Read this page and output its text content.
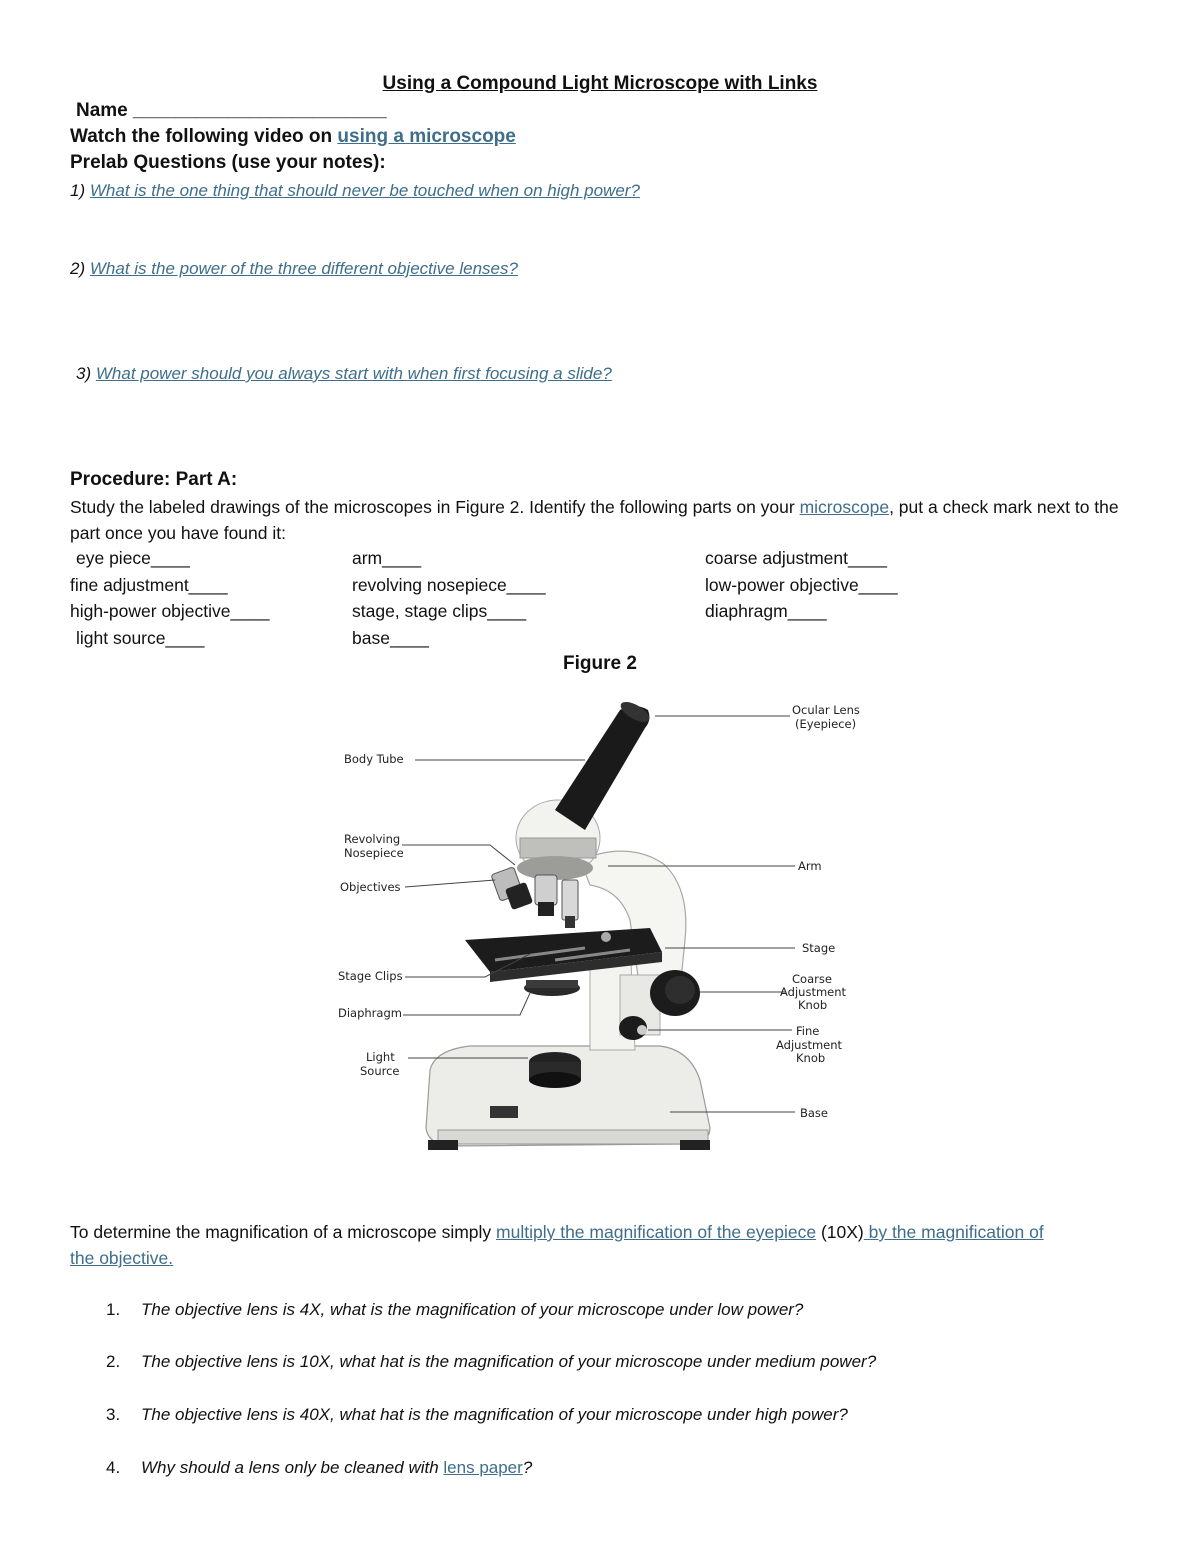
Using a Compound Light Microscope with Links
Name ________________________
Watch the following video on using a microscope
Prelab Questions (use your notes):
1) What is the one thing that should never be touched when on high power?
2) What is the power of the three different objective lenses?
3) What power should you always start with when first focusing a slide?
Procedure: Part A:
Study the labeled drawings of the microscopes in Figure 2. Identify the following parts on your microscope, put a check mark next to the part once you have found it:
eye piece____	arm____	coarse adjustment____
fine adjustment____	revolving nosepiece____	low-power objective____
high-power objective____	stage, stage clips____	diaphragm____
light source____	base____
Figure 2
Ocular Lens
(Eyepiece)
Body Tube
Revolving
Nosepiece
Objectives
Arm
Stage
Stage Clips	Coarse
Adjustment
Knob
Diaphragm
Fine
Adjustment
Knob
Light
Source
Base
To determine the magnification of a microscope simply multiply the magnification of the eyepiece (10X) by the magnification of the objective.
1. The objective lens is 4X, what is the magnification of your microscope under low power?
2. The objective lens is 10X, what hat is the magnification of your microscope under medium power?
3. The objective lens is 40X, what hat is the magnification of your microscope under high power?
4. Why should a lens only be cleaned with lens paper?
